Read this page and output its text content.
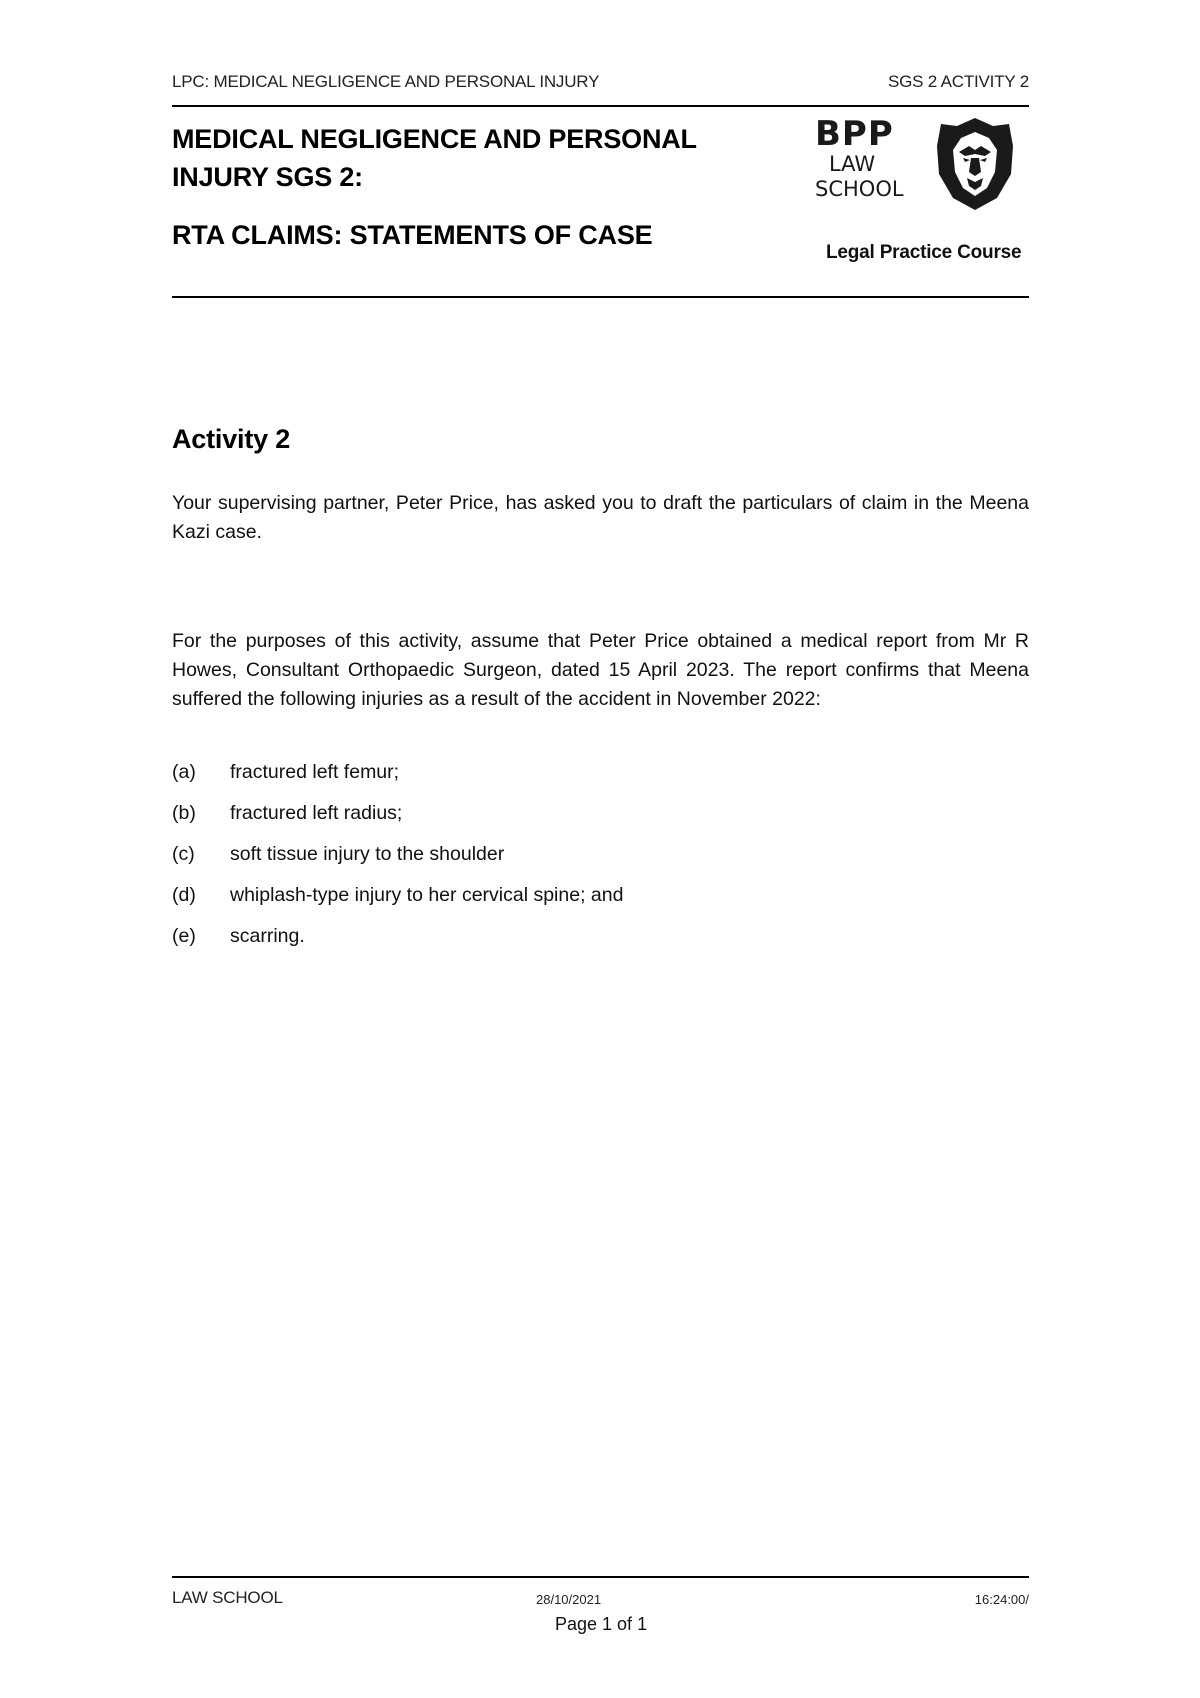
LPC: MEDICAL NEGLIGENCE AND PERSONAL INJURY	SGS 2 ACTIVITY 2
MEDICAL NEGLIGENCE AND PERSONAL
INJURY SGS 2:
RTA CLAIMS: STATEMENTS OF CASE
BPP
LAW
SCHOOL
Legal Practice Course
Activity 2

Your supervising partner, Peter Price, has asked you to draft the particulars of claim in the Meena Kazi case.

For the purposes of this activity, assume that Peter Price obtained a medical report from Mr R Howes, Consultant Orthopaedic Surgeon, dated 15 April 2023. The report confirms that Meena suffered the following injuries as a result of the accident in November 2022:

(a) fractured left femur;
(b) fractured left radius;
(c) soft tissue injury to the shoulder
(d) whiplash-type injury to her cervical spine; and
(e) scarring.
LAW SCHOOL	28/10/2021	16:24:00/
Page 1 of 1
